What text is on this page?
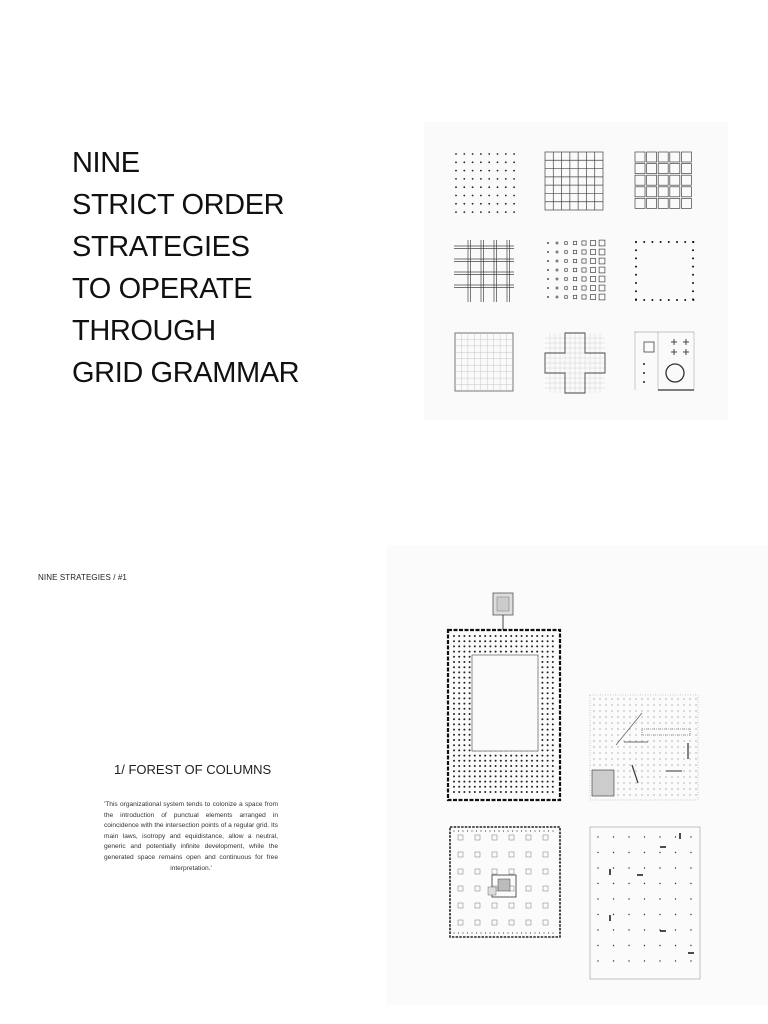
NINE
STRICT ORDER
STRATEGIES
TO OPERATE
THROUGH
GRID GRAMMAR
NINE STRATEGIES / #1
1/ FOREST OF COLUMNS

'This organizational system tends to colonize a space from the introduction of punctual elements arranged in coincidence with the intersection points of a regular grid. Its main laws, isotropy and equidistance, allow a neutral, generic and potentially infinite development, while the generated space remains open and continuous for free interpretation.'
